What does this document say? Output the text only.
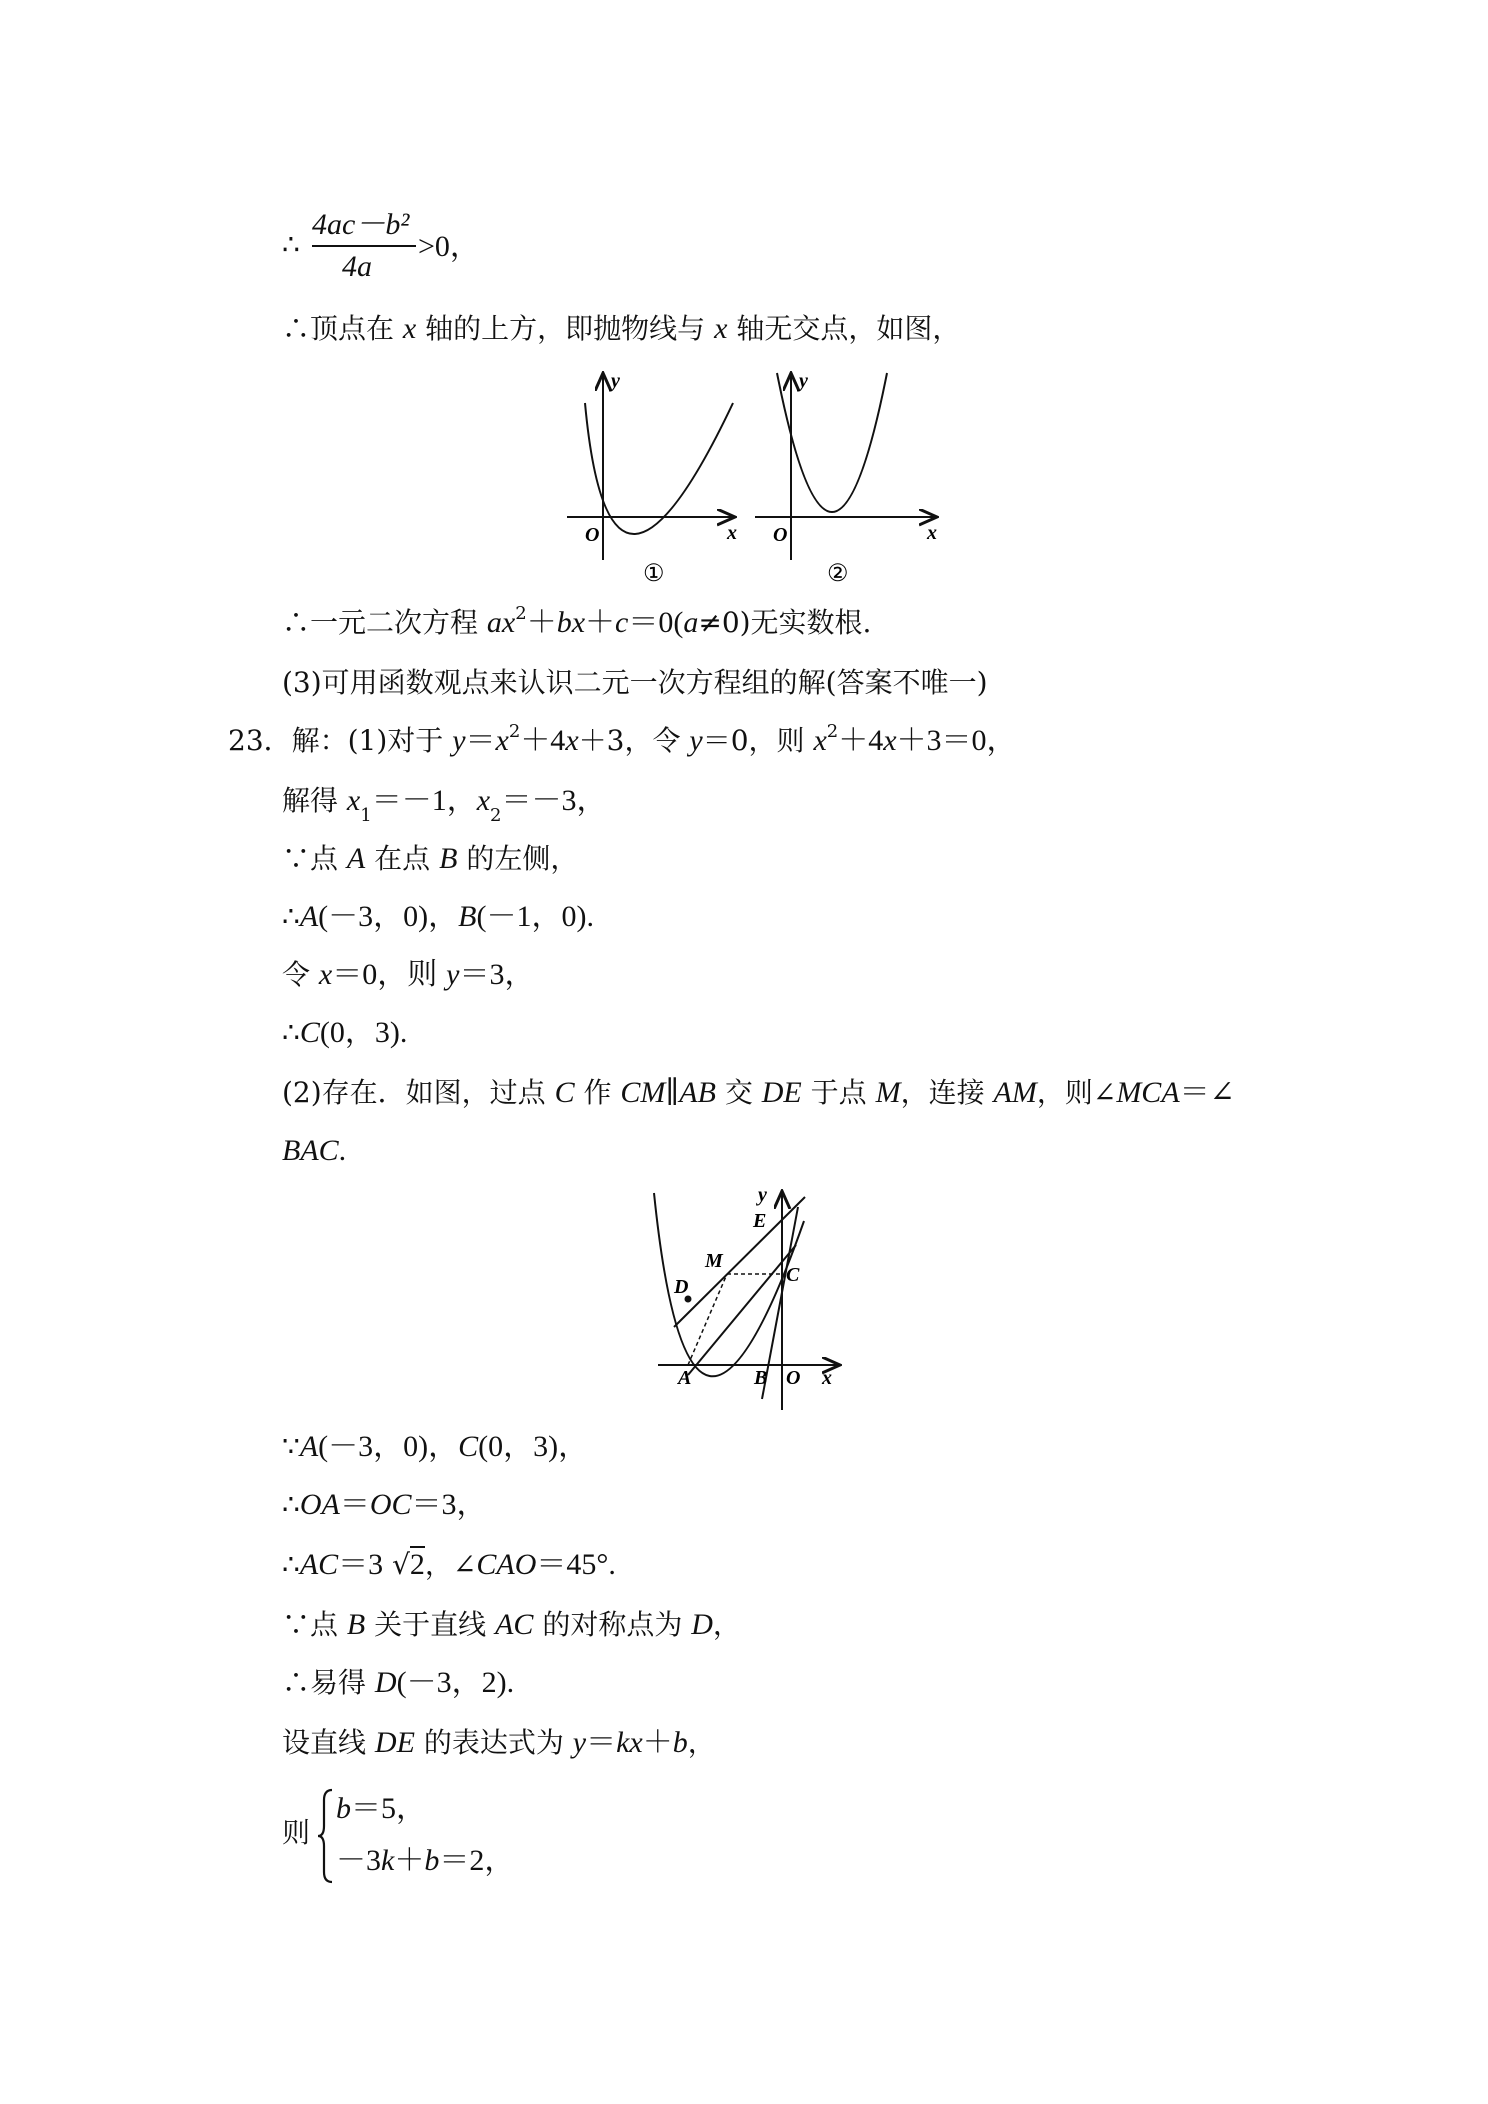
∴
4ac－b²
4a
>0，
∴顶点在 x 轴的上方，即抛物线与 x 轴无交点，如图，
y
x
O
①
y
x
O
②
∴一元二次方程 $ax^2+bx+c=0(a\ne 0)$无实数根.
(3)可用函数观点来认识二元一次方程组的解(答案不唯一)
23．解：(1)对于 $y=x^2+4x+3$，令 y＝0，则 $x^2+4x+3=0$，
解得 $x_1=-1$，$x_2=-3$，
∵点 A 在点 B 的左侧，
∴A(－3，0)，B(－1，0).
令 x＝0，则 y＝3，
∴C(0，3).
(2)存在．如图，过点 C 作 CM∥AB 交 DE 于点 M，连接 AM，则∠MCA＝∠
BAC.
y
E
M
C
D
A	B O x
∵A(－3，0)，C(0，3)，
∴OA＝OC＝3，
∴AC＝3 √2，∠CAO＝45°.
∵点 B 关于直线 AC 的对称点为 D，
∴易得 D(－3，2).
设直线 DE 的表达式为 y＝kx＋b，
则
b＝5，
－3k＋b＝2，
